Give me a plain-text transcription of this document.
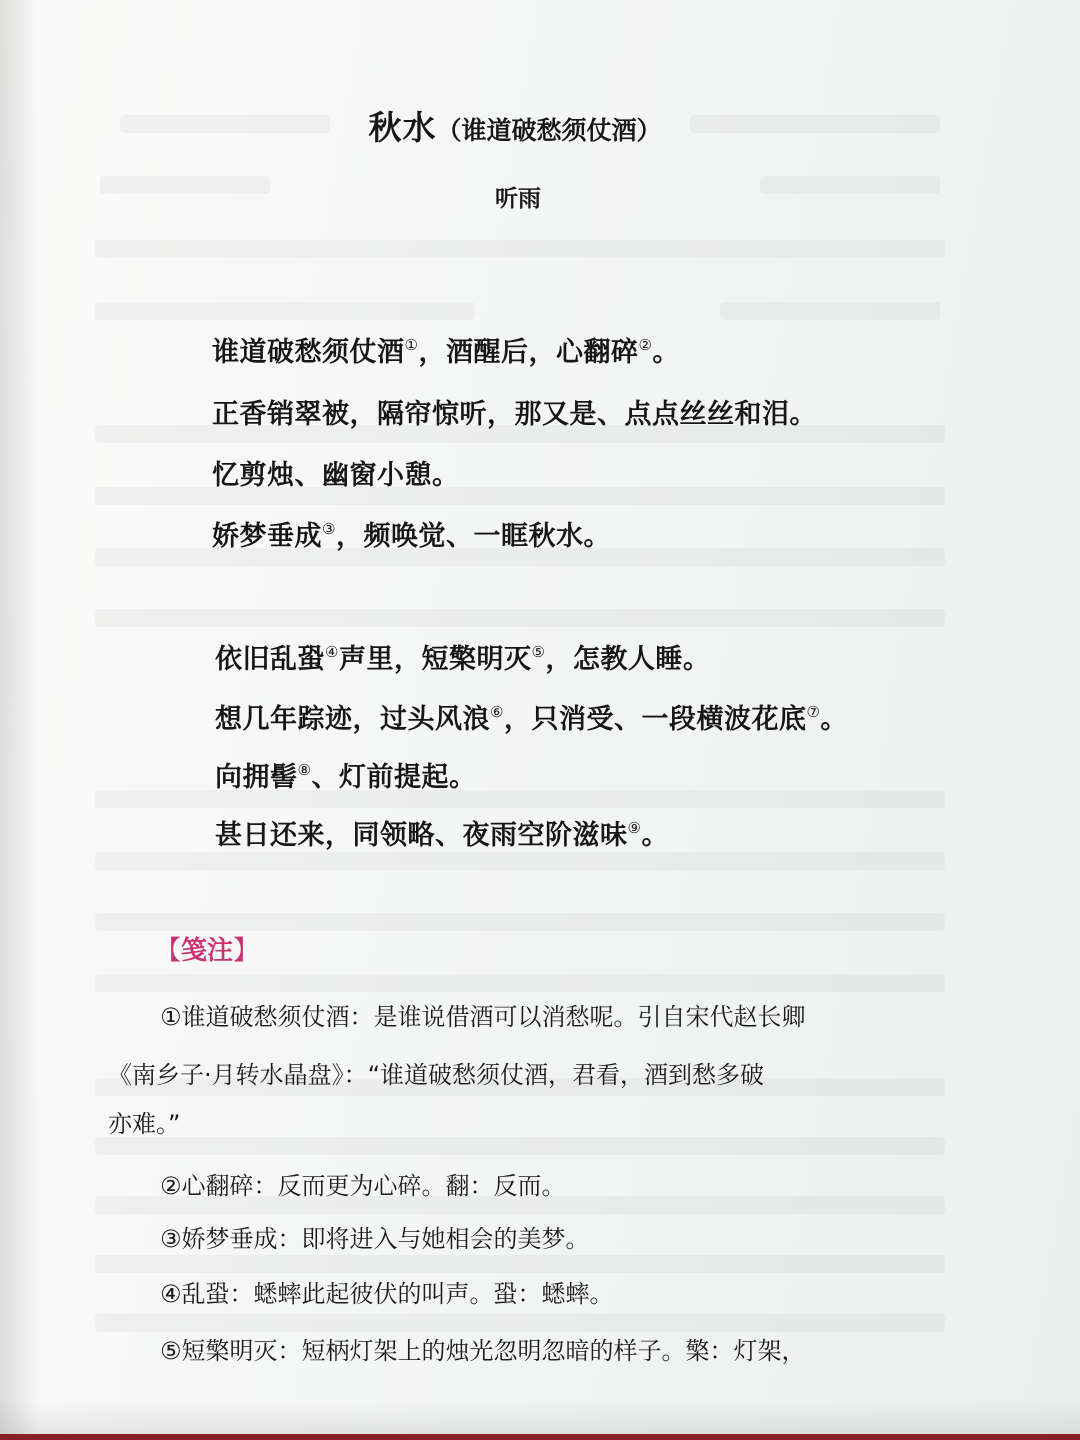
秋水（谁道破愁须仗酒）
听雨
谁道破愁须仗酒①，酒醒后，心翻碎②。
正香销翠被，隔帘惊听，那又是、点点丝丝和泪。
忆剪烛、幽窗小憩。
娇梦垂成③，频唤觉、一眶秋水。
依旧乱蛩④声里，短檠明灭⑤，怎教人睡。
想几年踪迹，过头风浪⑥，只消受、一段横波花底⑦。
向拥髻⑧、灯前提起。
甚日还来，同领略、夜雨空阶滋味⑨。
【笺注】
①谁道破愁须仗酒：是谁说借酒可以消愁呢。引自宋代赵长卿
《南乡子·月转水晶盘》：“谁道破愁须仗酒，君看，酒到愁多破
亦难。”
②心翻碎：反而更为心碎。翻：反而。
③娇梦垂成：即将进入与她相会的美梦。
④乱蛩：蟋蟀此起彼伏的叫声。蛩：蟋蟀。
⑤短檠明灭：短柄灯架上的烛光忽明忽暗的样子。檠：灯架，
